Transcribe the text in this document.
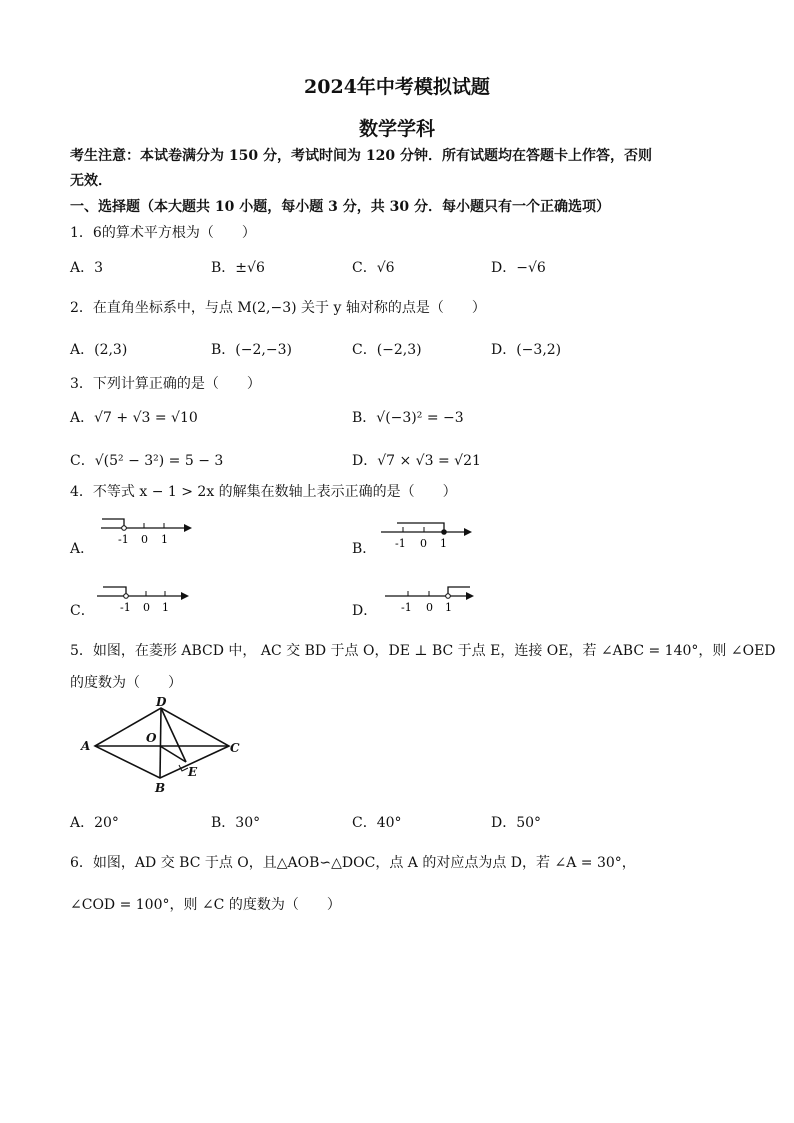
2024年中考模拟试题
数学学科
考生注意：本试卷满分为 150 分，考试时间为 120 分钟．所有试题均在答题卡上作答，否则
无效．
一、选择题（本大题共 10 小题，每小题 3 分，共 30 分．每小题只有一个正确选项）
1．6的算术平方根为（　　）
A．3	B．±√6	C．√6	D．−√6
2．在直角坐标系中，与点 M(2,−3) 关于 y 轴对称的点是（　　）
A．(2,3)	B．(−2,−3)	C．(−2,3)	D．(−3,2)
3．下列计算正确的是（　　）
A．√7 + √3 = √10	B．√(−3)² = −3
C．√(5² − 3²) = 5 − 3	D．√7 × √3 = √21
4．不等式 x − 1 > 2x 的解集在数轴上表示正确的是（　　）
A．	B．
C．	D．
-1 0 1	-1 0 1
-1 0 1	-1 0 1
5．如图，在菱形 ABCD 中， AC 交 BD 于点 O，DE ⊥ BC 于点 E，连接 OE，若 ∠ABC = 140°，则 ∠OED
的度数为（　　）
A
D
C
B
O
E
A．20°	B．30°	C．40°	D．50°
6．如图，AD 交 BC 于点 O，且△AOB∽△DOC，点 A 的对应点为点 D，若 ∠A = 30°，
∠COD = 100°，则 ∠C 的度数为（　　）
